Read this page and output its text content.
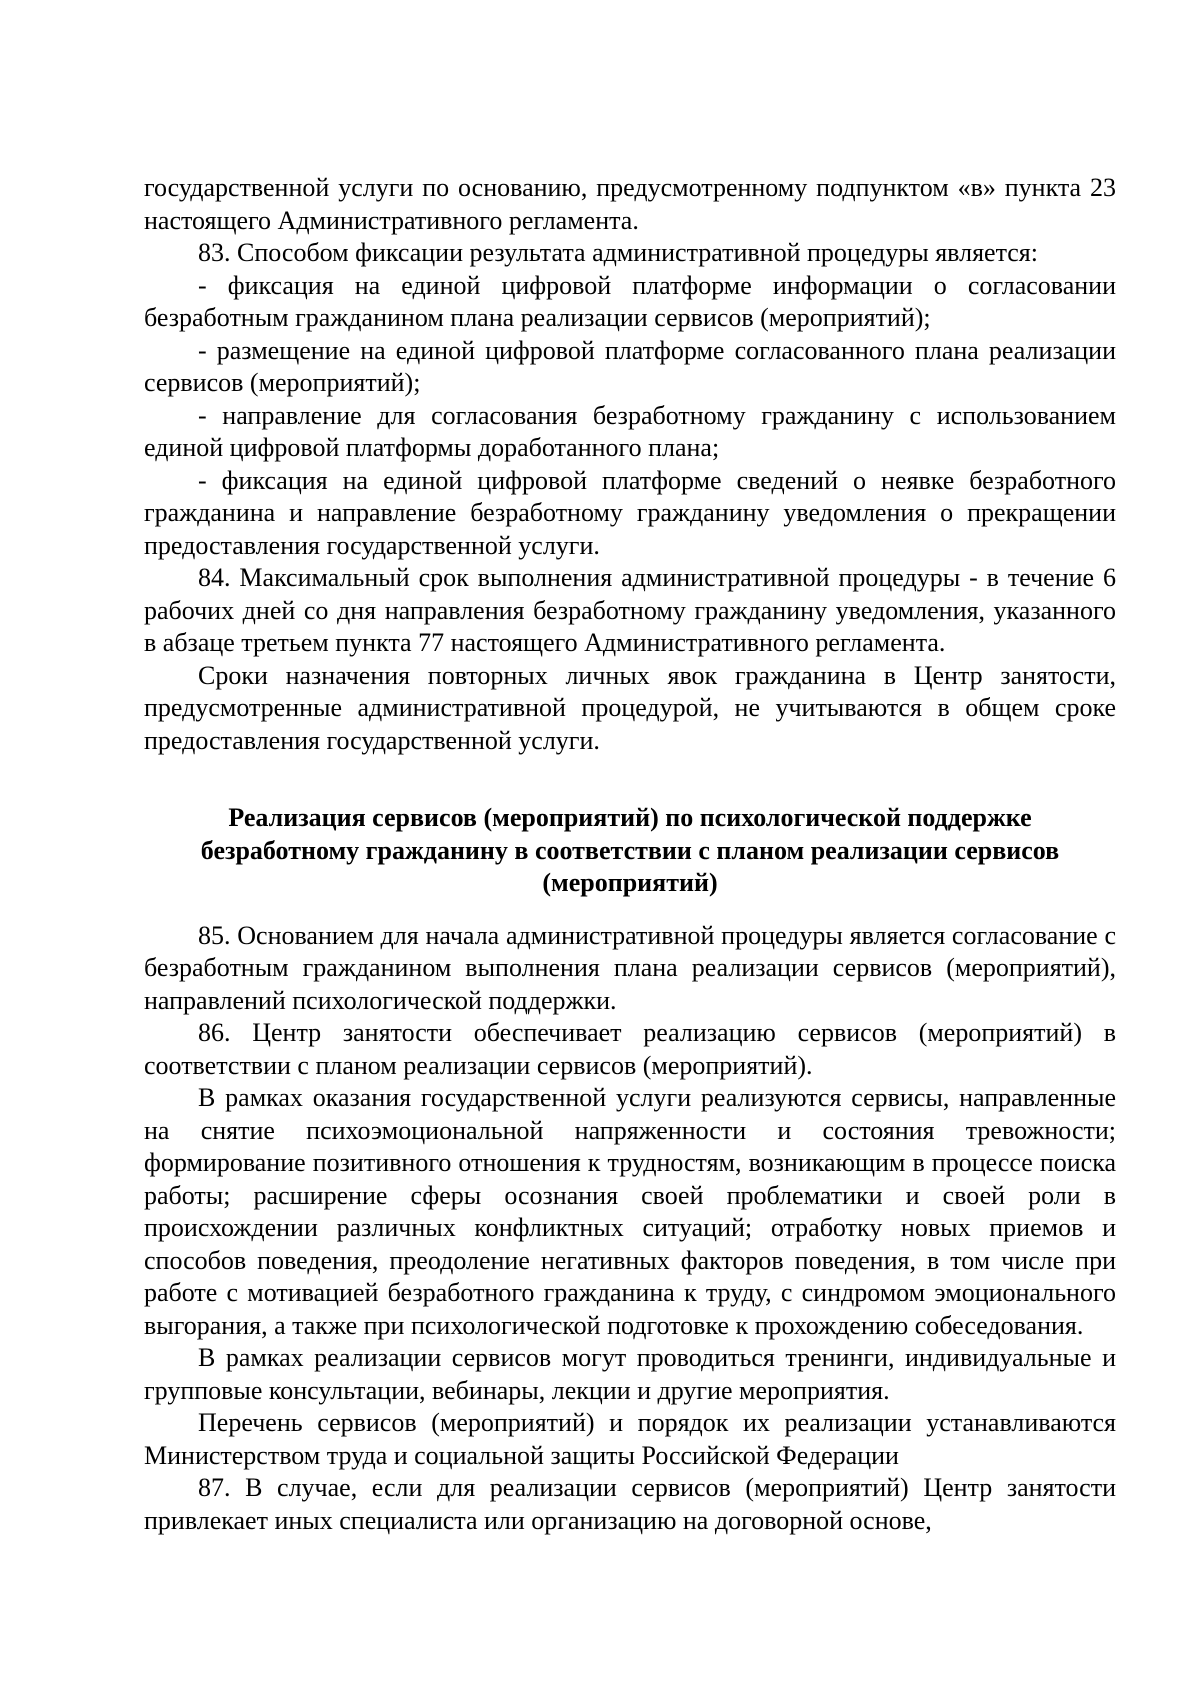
государственной услуги по основанию, предусмотренному подпунктом «в» пункта 23 настоящего Административного регламента.

83. Способом фиксации результата административной процедуры является:

- фиксация на единой цифровой платформе информации о согласовании безработным гражданином плана реализации сервисов (мероприятий);

- размещение на единой цифровой платформе согласованного плана реализации сервисов (мероприятий);

- направление для согласования безработному гражданину с использованием единой цифровой платформы доработанного плана;

- фиксация на единой цифровой платформе сведений о неявке безработного гражданина и направление безработному гражданину уведомления о прекращении предоставления государственной услуги.

84. Максимальный срок выполнения административной процедуры - в течение 6 рабочих дней со дня направления безработному гражданину уведомления, указанного в абзаце третьем пункта 77 настоящего Административного регламента.

Сроки назначения повторных личных явок гражданина в Центр занятости, предусмотренные административной процедурой, не учитываются в общем сроке предоставления государственной услуги.

Реализация сервисов (мероприятий) по психологической поддержке
безработному гражданину в соответствии с планом реализации сервисов
(мероприятий)

85. Основанием для начала административной процедуры является согласование с безработным гражданином выполнения плана реализации сервисов (мероприятий), направлений психологической поддержки.

86. Центр занятости обеспечивает реализацию сервисов (мероприятий) в соответствии с планом реализации сервисов (мероприятий).

В рамках оказания государственной услуги реализуются сервисы, направленные на снятие психоэмоциональной напряженности и состояния тревожности; формирование позитивного отношения к трудностям, возникающим в процессе поиска работы; расширение сферы осознания своей проблематики и своей роли в происхождении различных конфликтных ситуаций; отработку новых приемов и способов поведения, преодоление негативных факторов поведения, в том числе при работе с мотивацией безработного гражданина к труду, с синдромом эмоционального выгорания, а также при психологической подготовке к прохождению собеседования.

В рамках реализации сервисов могут проводиться тренинги, индивидуальные и групповые консультации, вебинары, лекции и другие мероприятия.

Перечень сервисов (мероприятий) и порядок их реализации устанавливаются Министерством труда и социальной защиты Российской Федерации

87. В случае, если для реализации сервисов (мероприятий) Центр занятости привлекает иных специалиста или организацию на договорной основе,
